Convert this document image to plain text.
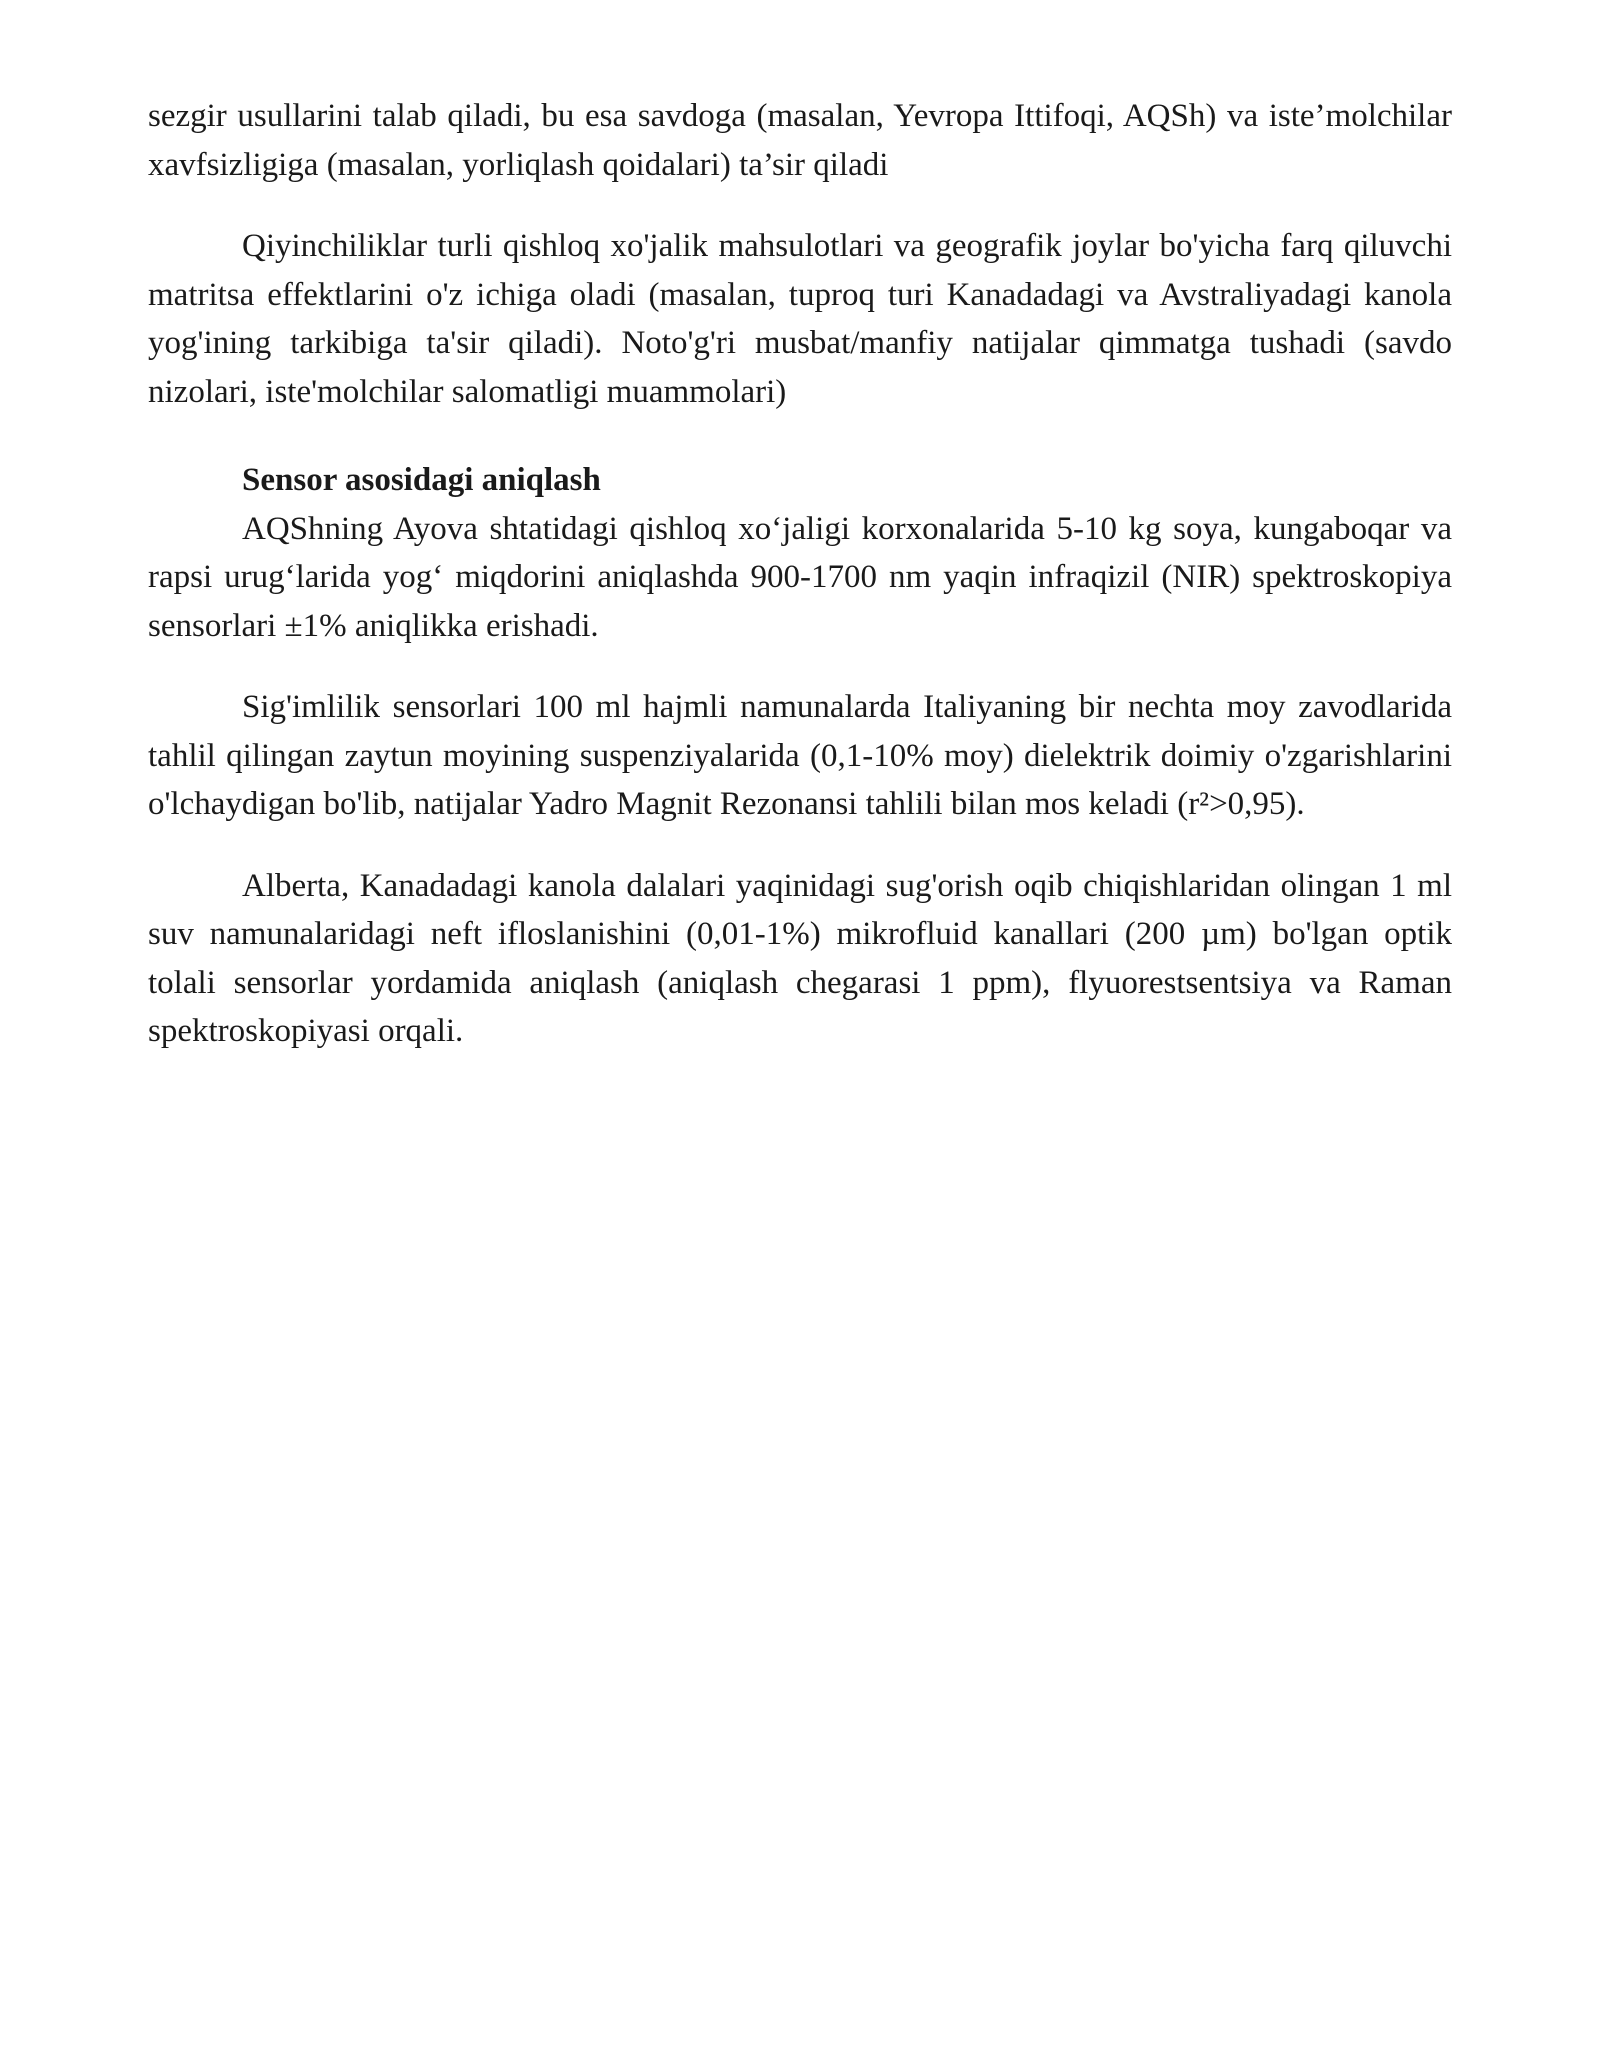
sezgir usullarini talab qiladi, bu esa savdoga (masalan, Yevropa Ittifoqi, AQSh) va iste’molchilar xavfsizligiga (masalan, yorliqlash qoidalari) ta’sir qiladi

Qiyinchiliklar turli qishloq xo'jalik mahsulotlari va geografik joylar bo'yicha farq qiluvchi matritsa effektlarini o'z ichiga oladi (masalan, tuproq turi Kanadadagi va Avstraliyadagi kanola yog'ining tarkibiga ta'sir qiladi). Noto'g'ri musbat/manfiy natijalar qimmatga tushadi (savdo nizolari, iste'molchilar salomatligi muammolari)

Sensor asosidagi aniqlash

AQShning Ayova shtatidagi qishloq xo‘jaligi korxonalarida 5-10 kg soya, kungaboqar va rapsi urug‘larida yog‘ miqdorini aniqlashda 900-1700 nm yaqin infraqizil (NIR) spektroskopiya sensorlari ±1% aniqlikka erishadi.

Sig'imlilik sensorlari 100 ml hajmli namunalarda Italiyaning bir nechta moy zavodlarida tahlil qilingan zaytun moyining suspenziyalarida (0,1-10% moy) dielektrik doimiy o'zgarishlarini o'lchaydigan bo'lib, natijalar Yadro Magnit Rezonansi tahlili bilan mos keladi (r²>0,95).

Alberta, Kanadadagi kanola dalalari yaqinidagi sug'orish oqib chiqishlaridan olingan 1 ml suv namunalaridagi neft ifloslanishini (0,01-1%) mikrofluid kanallari (200 µm) bo'lgan optik tolali sensorlar yordamida aniqlash (aniqlash chegarasi 1 ppm), flyuorestsentsiya va Raman spektroskopiyasi orqali.
